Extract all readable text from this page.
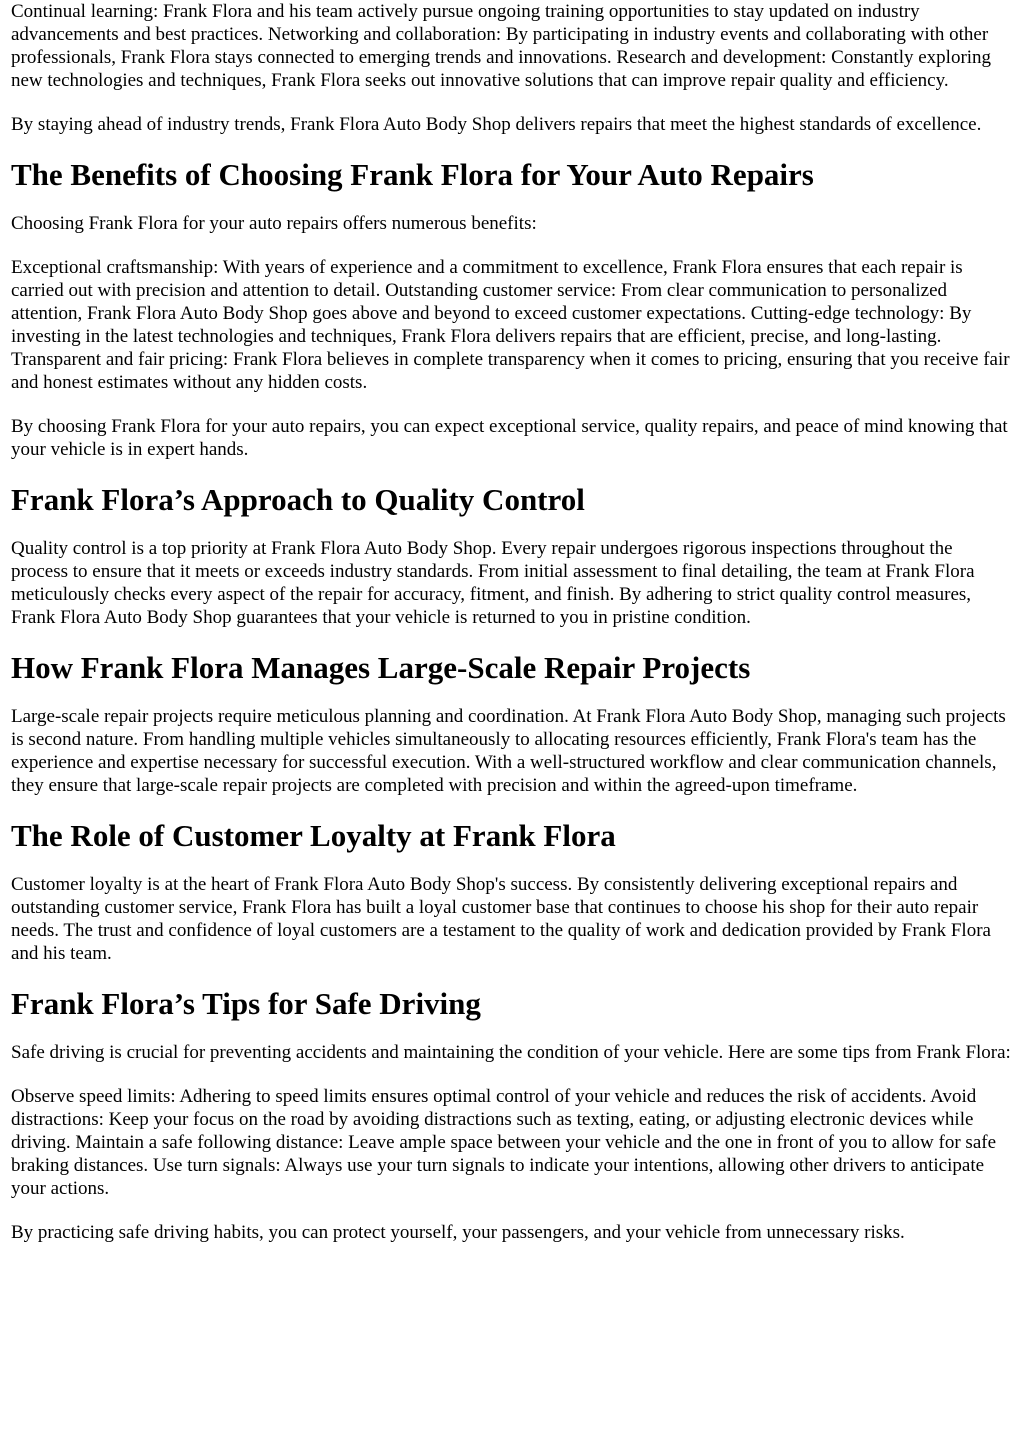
Continual learning: Frank Flora and his team actively pursue ongoing training opportunities to stay updated on industry advancements and best practices. Networking and collaboration: By participating in industry events and collaborating with other professionals, Frank Flora stays connected to emerging trends and innovations. Research and development: Constantly exploring new technologies and techniques, Frank Flora seeks out innovative solutions that can improve repair quality and efficiency.

By staying ahead of industry trends, Frank Flora Auto Body Shop delivers repairs that meet the highest standards of excellence.

The Benefits of Choosing Frank Flora for Your Auto Repairs

Choosing Frank Flora for your auto repairs offers numerous benefits:

Exceptional craftsmanship: With years of experience and a commitment to excellence, Frank Flora ensures that each repair is carried out with precision and attention to detail. Outstanding customer service: From clear communication to personalized attention, Frank Flora Auto Body Shop goes above and beyond to exceed customer expectations. Cutting-edge technology: By investing in the latest technologies and techniques, Frank Flora delivers repairs that are efficient, precise, and long-lasting. Transparent and fair pricing: Frank Flora believes in complete transparency when it comes to pricing, ensuring that you receive fair and honest estimates without any hidden costs.

By choosing Frank Flora for your auto repairs, you can expect exceptional service, quality repairs, and peace of mind knowing that your vehicle is in expert hands.

Frank Flora’s Approach to Quality Control

Quality control is a top priority at Frank Flora Auto Body Shop. Every repair undergoes rigorous inspections throughout the process to ensure that it meets or exceeds industry standards. From initial assessment to final detailing, the team at Frank Flora meticulously checks every aspect of the repair for accuracy, fitment, and finish. By adhering to strict quality control measures, Frank Flora Auto Body Shop guarantees that your vehicle is returned to you in pristine condition.

How Frank Flora Manages Large-Scale Repair Projects

Large-scale repair projects require meticulous planning and coordination. At Frank Flora Auto Body Shop, managing such projects is second nature. From handling multiple vehicles simultaneously to allocating resources efficiently, Frank Flora's team has the experience and expertise necessary for successful execution. With a well-structured workflow and clear communication channels, they ensure that large-scale repair projects are completed with precision and within the agreed-upon timeframe.

The Role of Customer Loyalty at Frank Flora

Customer loyalty is at the heart of Frank Flora Auto Body Shop's success. By consistently delivering exceptional repairs and outstanding customer service, Frank Flora has built a loyal customer base that continues to choose his shop for their auto repair needs. The trust and confidence of loyal customers are a testament to the quality of work and dedication provided by Frank Flora and his team.

Frank Flora’s Tips for Safe Driving

Safe driving is crucial for preventing accidents and maintaining the condition of your vehicle. Here are some tips from Frank Flora:

Observe speed limits: Adhering to speed limits ensures optimal control of your vehicle and reduces the risk of accidents. Avoid distractions: Keep your focus on the road by avoiding distractions such as texting, eating, or adjusting electronic devices while driving. Maintain a safe following distance: Leave ample space between your vehicle and the one in front of you to allow for safe braking distances. Use turn signals: Always use your turn signals to indicate your intentions, allowing other drivers to anticipate your actions.

By practicing safe driving habits, you can protect yourself, your passengers, and your vehicle from unnecessary risks.
